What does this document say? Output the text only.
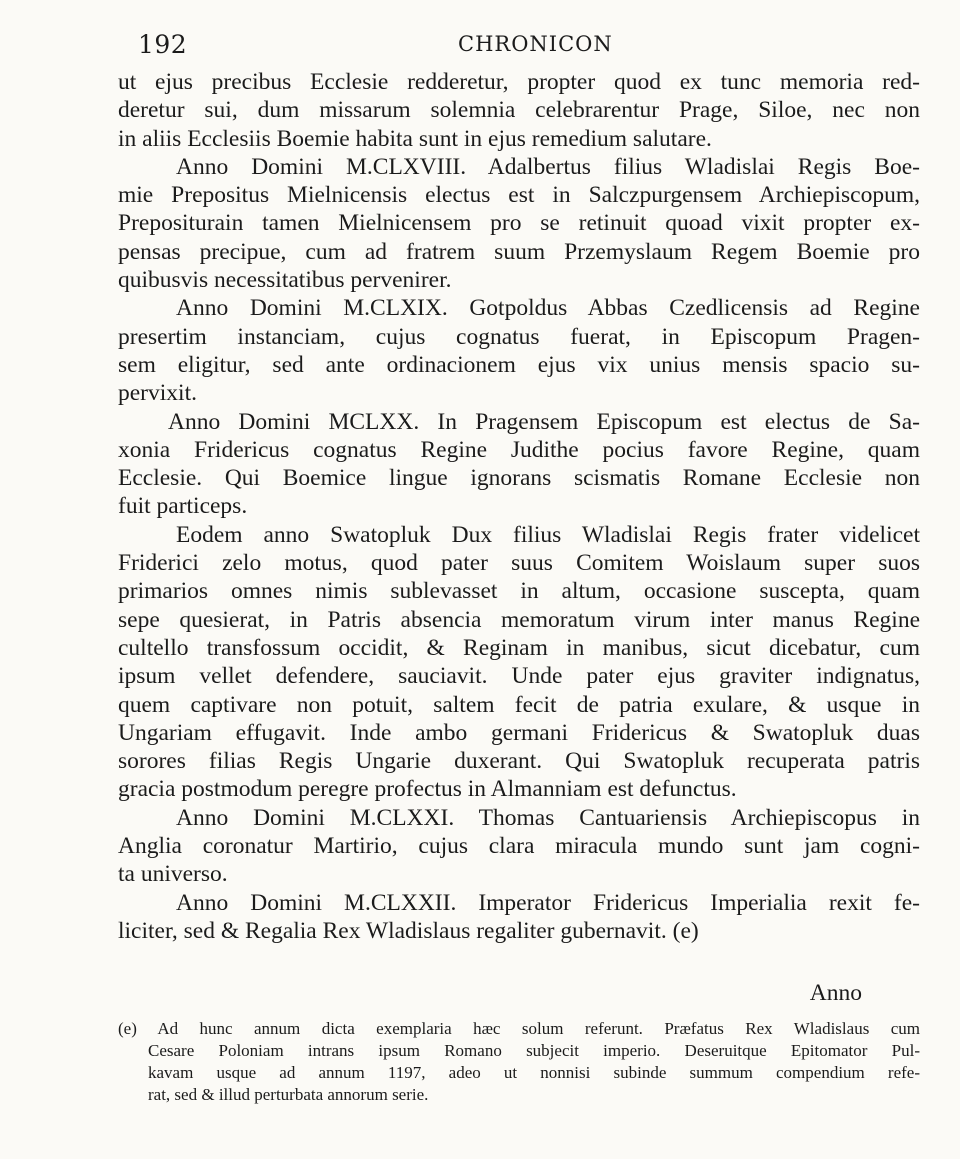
192	CHRONICON
ut ejus precibus Ecclesie redderetur, propter quod ex tunc memoria red-
deretur sui, dum missarum solemnia celebrarentur Prage, Siloe, nec non
in aliis Ecclesiis Boemie habita sunt in ejus remedium salutare.
Anno Domini M.CLXVIII. Adalbertus filius Wladislai Regis Boe-
mie Prepositus Mielnicensis electus est in Salczpurgensem Archiepiscopum,
Prepositurain tamen Mielnicensem pro se retinuit quoad vixit propter ex-
pensas precipue, cum ad fratrem suum Przemyslaum Regem Boemie pro
quibusvis necessitatibus pervenirer.
Anno Domini M.CLXIX. Gotpoldus Abbas Czedlicensis ad Regine
presertim instanciam, cujus cognatus fuerat, in Episcopum Pragen-
sem eligitur, sed ante ordinacionem ejus vix unius mensis spacio su-
pervixit.
Anno Domini MCLXX. In Pragensem Episcopum est electus de Sa-
xonia Fridericus cognatus Regine Judithe pocius favore Regine, quam
Ecclesie. Qui Boemice lingue ignorans scismatis Romane Ecclesie non
fuit particeps.
Eodem anno Swatopluk Dux filius Wladislai Regis frater videlicet
Friderici zelo motus, quod pater suus Comitem Woislaum super suos
primarios omnes nimis sublevasset in altum, occasione suscepta, quam
sepe quesierat, in Patris absencia memoratum virum inter manus Regine
cultello transfossum occidit, & Reginam in manibus, sicut dicebatur, cum
ipsum vellet defendere, sauciavit. Unde pater ejus graviter indignatus,
quem captivare non potuit, saltem fecit de patria exulare, & usque in
Ungariam effugavit. Inde ambo germani Fridericus & Swatopluk duas
sorores filias Regis Ungarie duxerant. Qui Swatopluk recuperata patris
gracia postmodum peregre profectus in Almanniam est defunctus.
Anno Domini M.CLXXI. Thomas Cantuariensis Archiepiscopus in
Anglia coronatur Martirio, cujus clara miracula mundo sunt jam cogni-
ta universo.
Anno Domini M.CLXXII. Imperator Fridericus Imperialia rexit fe-
liciter, sed & Regalia Rex Wladislaus regaliter gubernavit. (e)
Anno
(e) Ad hunc annum dicta exemplaria hæc solum referunt. Præfatus Rex Wladislaus cum
Cesare Poloniam intrans ipsum Romano subjecit imperio. Deseruitque Epitomator Pul-
kavam usque ad annum 1197, adeo ut nonnisi subinde summum compendium refe-
rat, sed & illud perturbata annorum serie.
